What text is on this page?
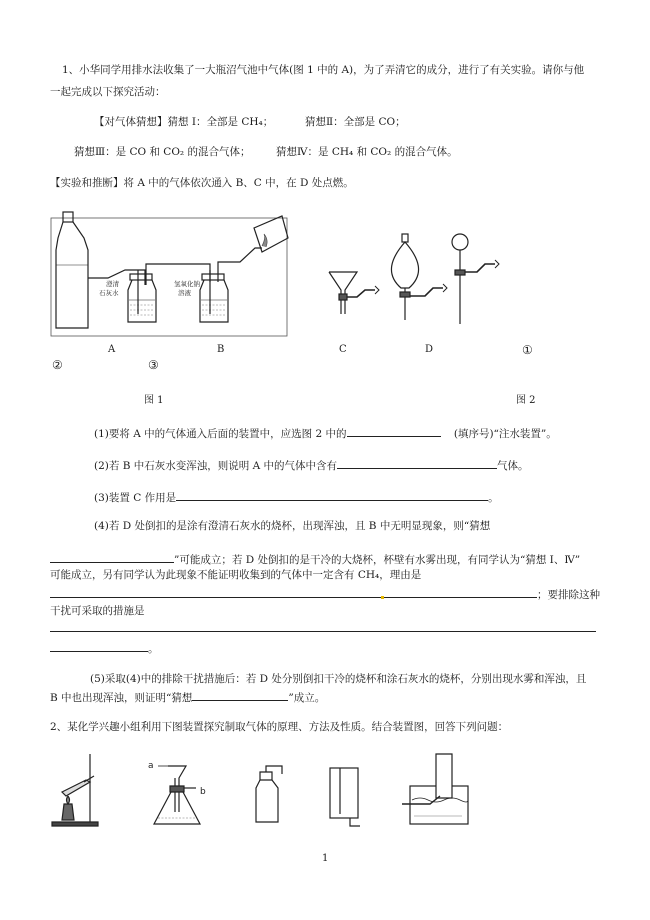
1、小华同学用排水法收集了一大瓶沼气池中气体(图 1 中的 A)，为了弄清它的成分，进行了有关实验。请你与他
一起完成以下探究活动：
【对气体猜想】猜想 I：全部是 CH₄；	猜想Ⅱ：全部是 CO；
猜想Ⅲ：是 CO 和 CO₂ 的混合气体； 猜想Ⅳ：是 CH₄ 和 CO₂ 的混合气体。
【实验和推断】将 A 中的气体依次通入 B、C 中，在 D 处点燃。
澄清
石灰水
氢氧化钠
溶液
A	B	C	D	①
②	③
图 1	图 2
(1)要将 A 中的气体通入后面的装置中，应选图 2 中的	(填序号)“注水装置”。
(2)若 B 中石灰水变浑浊，则说明 A 中的气体中含有	气体。
(3)装置 C 作用是	。
(4)若 D 处倒扣的是涂有澄清石灰水的烧杯，出现浑浊，且 B 中无明显现象，则“猜想
”可能成立；若 D 处倒扣的是干冷的大烧杯，杯壁有水雾出现，有同学认为“猜想 I、Ⅳ”
可能成立，另有同学认为此现象不能证明收集到的气体中一定含有 CH₄，理由是
；要排除这种
干扰可采取的措施是
。
(5)采取(4)中的排除干扰措施后：若 D 处分别倒扣干冷的烧杯和涂石灰水的烧杯，分别出现水雾和浑浊，且
B 中也出现浑浊，则证明“猜想	”成立。
2、某化学兴趣小组利用下图装置探究制取气体的原理、方法及性质。结合装置图，回答下列问题：
a
b
1
